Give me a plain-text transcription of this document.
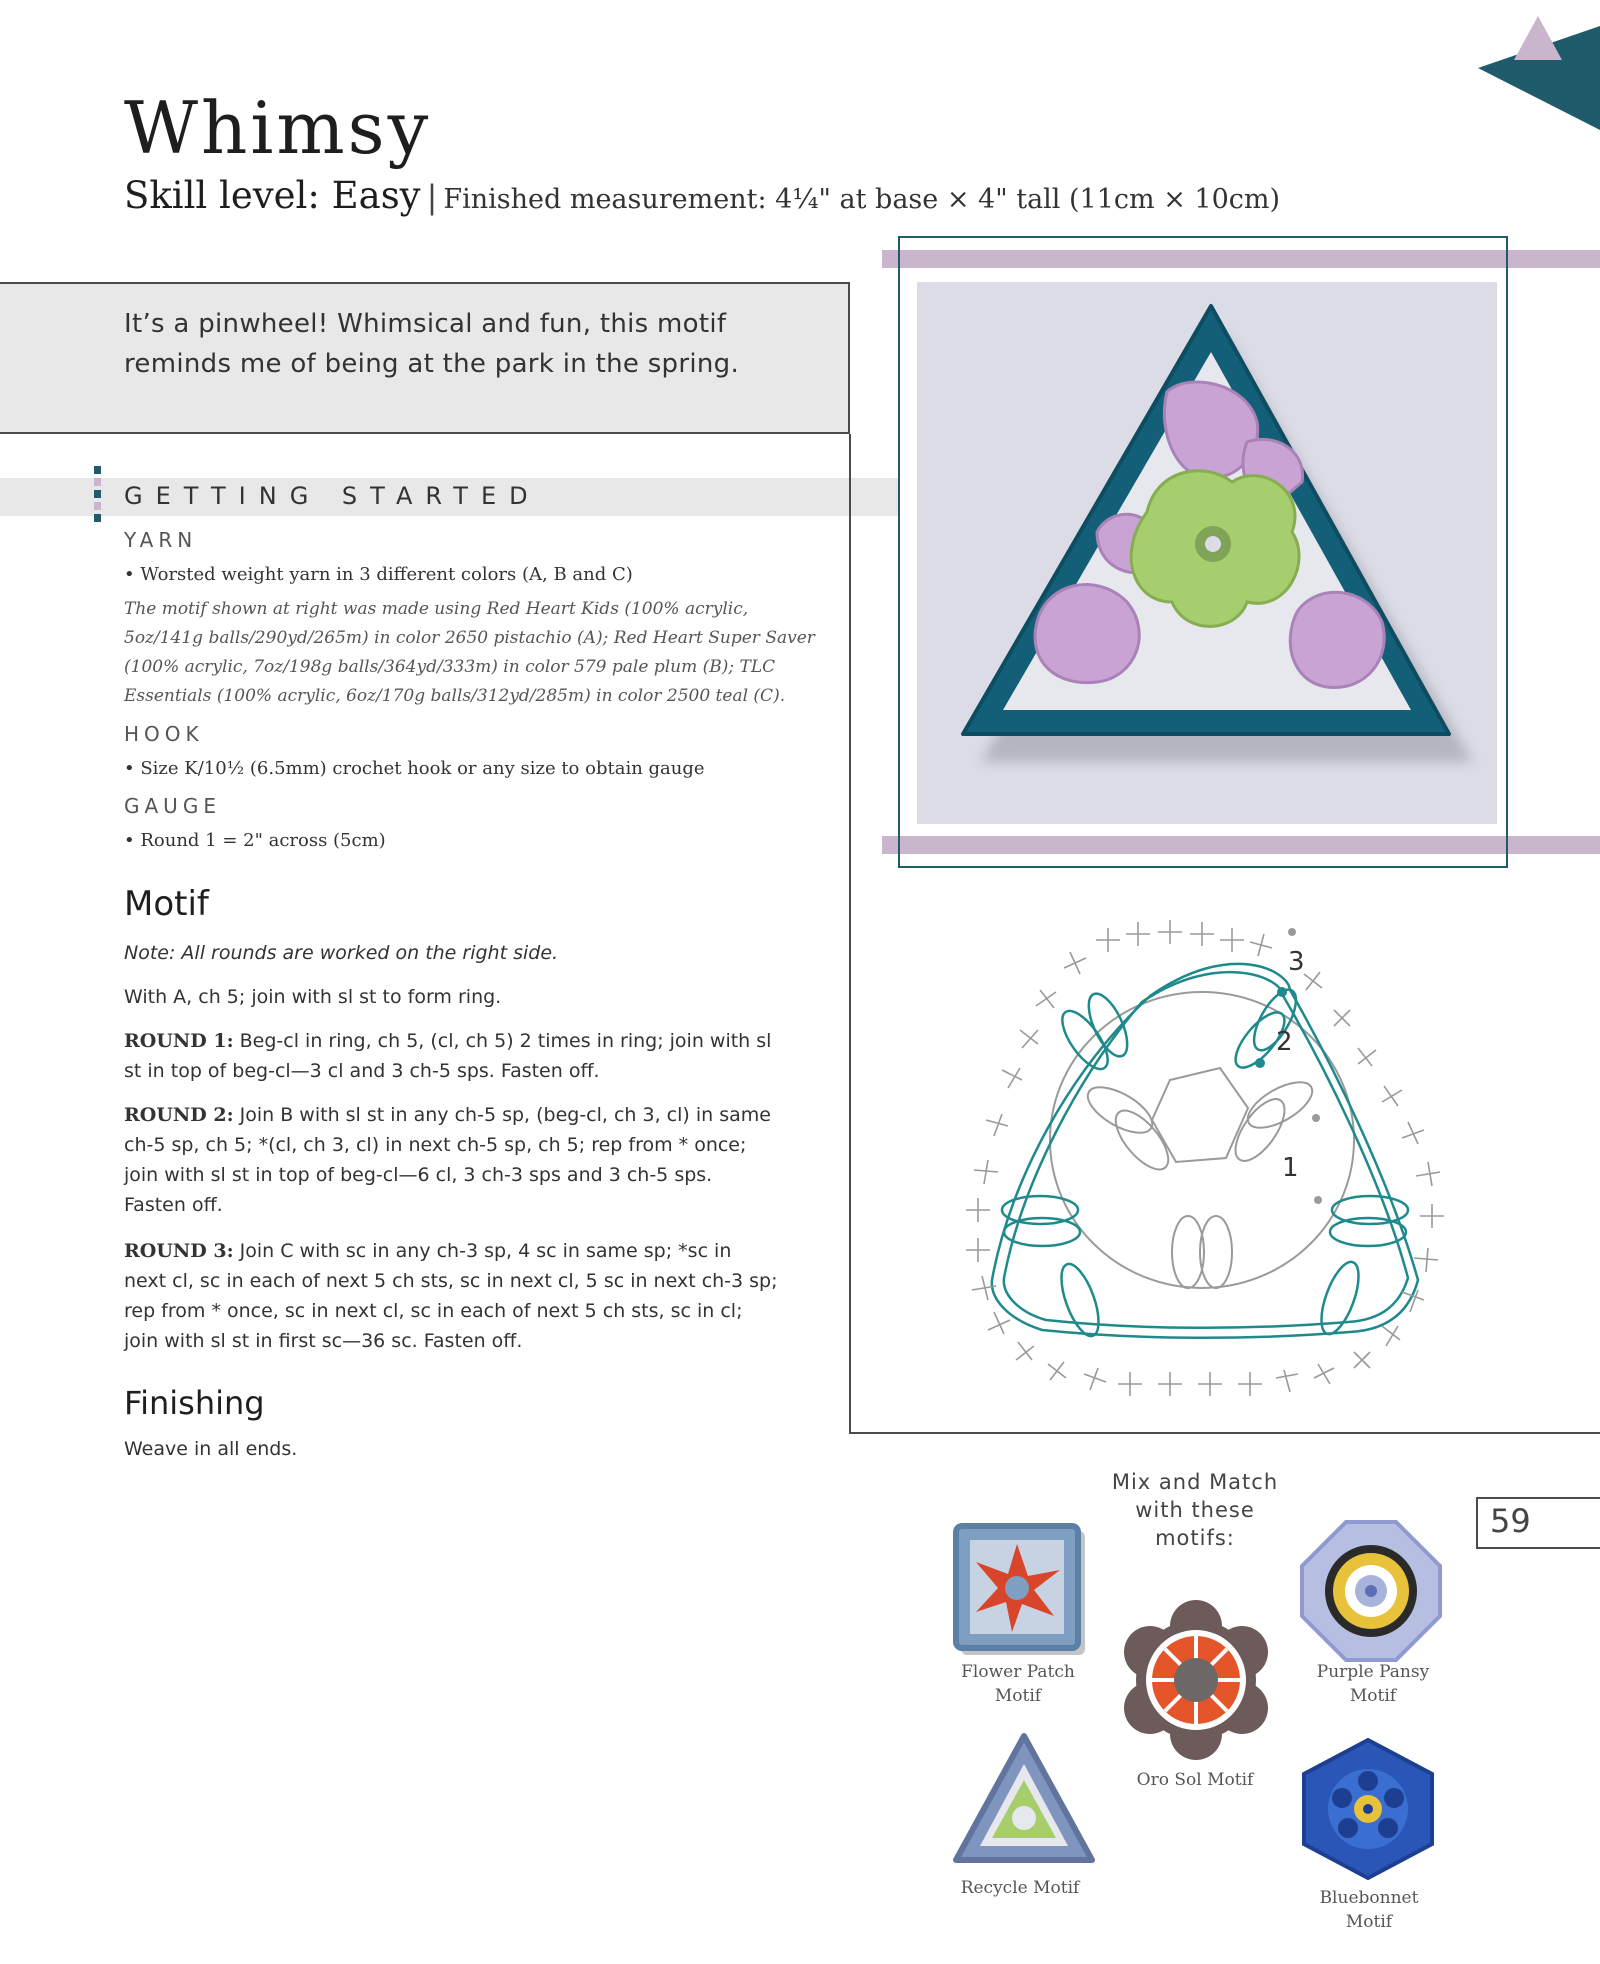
Whimsy
Skill level: Easy | Finished measurement: 4¼" at base × 4" tall (11cm × 10cm)
It’s a pinwheel! Whimsical and fun, this motif
reminds me of being at the park in the spring.
GETTING STARTED
YARN
• Worsted weight yarn in 3 different colors (A, B and C)
The motif shown at right was made using Red Heart Kids (100% acrylic,
5oz/141g balls/290yd/265m) in color 2650 pistachio (A); Red Heart Super Saver
(100% acrylic, 7oz/198g balls/364yd/333m) in color 579 pale plum (B); TLC
Essentials (100% acrylic, 6oz/170g balls/312yd/285m) in color 2500 teal (C).
HOOK
• Size K/10½ (6.5mm) crochet hook or any size to obtain gauge
GAUGE
• Round 1 = 2" across (5cm)
Motif
Note: All rounds are worked on the right side.
With A, ch 5; join with sl st to form ring.
ROUND 1: Beg-cl in ring, ch 5, (cl, ch 5) 2 times in ring; join with sl
st in top of beg-cl—3 cl and 3 ch-5 sps. Fasten off.
ROUND 2: Join B with sl st in any ch-5 sp, (beg-cl, ch 3, cl) in same
ch-5 sp, ch 5; *(cl, ch 3, cl) in next ch-5 sp, ch 5; rep from * once;
join with sl st in top of beg-cl—6 cl, 3 ch-3 sps and 3 ch-5 sps.
Fasten off.
ROUND 3: Join C with sc in any ch-3 sp, 4 sc in same sp; *sc in
next cl, sc in each of next 5 ch sts, sc in next cl, 5 sc in next ch-3 sp;
rep from * once, sc in next cl, sc in each of next 5 ch sts, sc in cl;
join with sl st in first sc—36 sc. Fasten off.
Finishing
Weave in all ends.
3
2
1
Mix and Match
with these
motifs:	59
Flower Patch
Motif
Purple Pansy
Motif
Oro Sol Motif
Recycle Motif	Bluebonnet
Motif
